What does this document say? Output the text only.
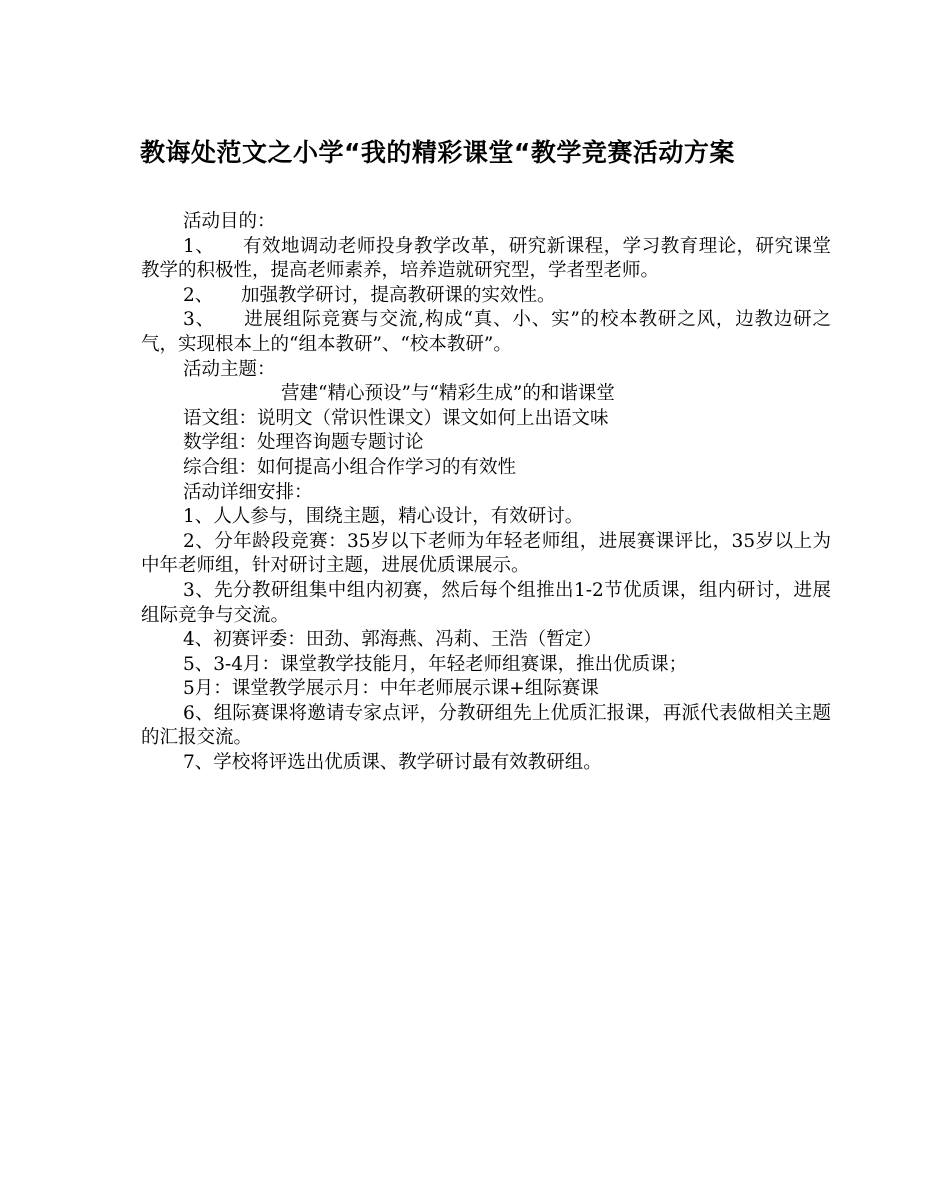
教诲处范文之小学“我的精彩课堂“教学竞赛活动方案

活动目的：

1、　　有效地调动老师投身教学改革，研究新课程，学习教育理论，研究课堂教学的积极性，提高老师素养，培养造就研究型，学者型老师。

2、　　加强教学研讨，提高教研课的实效性。

3、　　进展组际竞赛与交流,构成“真、小、实”的校本教研之风，边教边研之气，实现根本上的“组本教研”、“校本教研”。

活动主题：

营建“精心预设”与“精彩生成”的和谐课堂

语文组：说明文（常识性课文）课文如何上出语文味

数学组：处理咨询题专题讨论

综合组：如何提高小组合作学习的有效性

活动详细安排：

1、人人参与，围绕主题，精心设计，有效研讨。

2、分年龄段竞赛：35岁以下老师为年轻老师组，进展赛课评比，35岁以上为中年老师组，针对研讨主题，进展优质课展示。

3、先分教研组集中组内初赛，然后每个组推出1-2节优质课，组内研讨，进展组际竞争与交流。

4、初赛评委：田劲、郭海燕、冯莉、王浩（暂定）

5、3-4月：课堂教学技能月，年轻老师组赛课，推出优质课；

5月：课堂教学展示月：中年老师展示课+组际赛课

6、组际赛课将邀请专家点评，分教研组先上优质汇报课，再派代表做相关主题的汇报交流。

7、学校将评选出优质课、教学研讨最有效教研组。
